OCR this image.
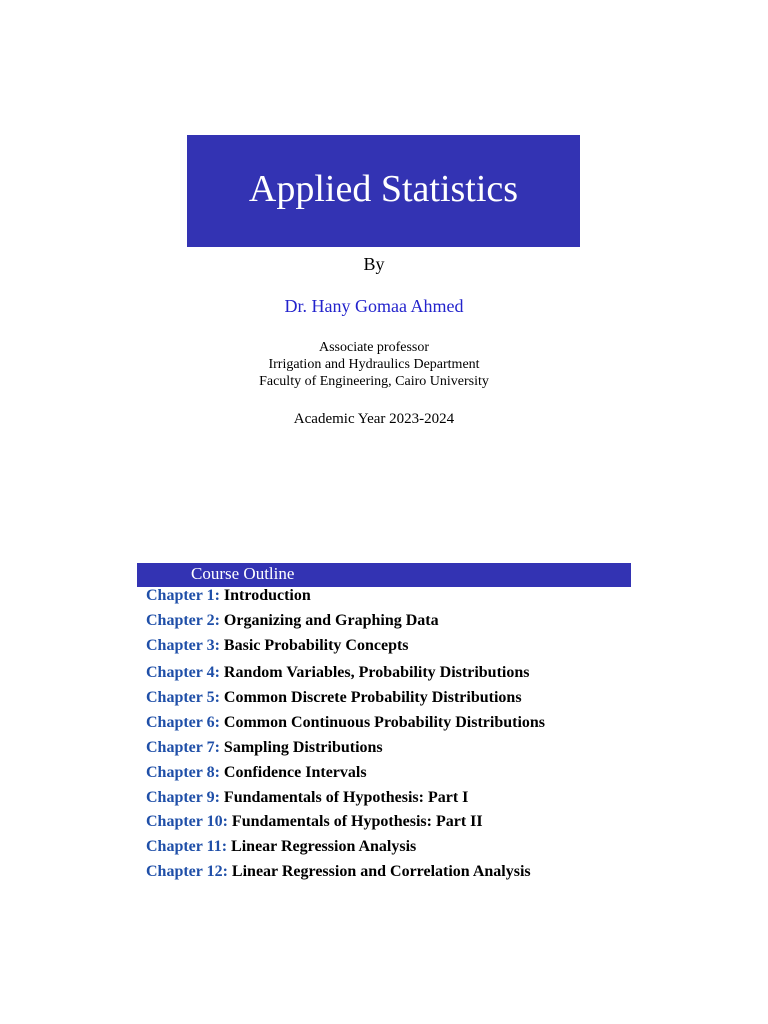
Applied Statistics
By
Dr. Hany Gomaa Ahmed
Associate professor
Irrigation and Hydraulics Department
Faculty of Engineering, Cairo University
Academic Year 2023-2024
Course Outline
Chapter 1: Introduction
Chapter 2: Organizing and Graphing Data
Chapter 3: Basic Probability Concepts
Chapter 4: Random Variables, Probability Distributions
Chapter 5: Common Discrete Probability Distributions
Chapter 6: Common Continuous Probability Distributions
Chapter 7: Sampling Distributions
Chapter 8: Confidence Intervals
Chapter 9: Fundamentals of Hypothesis: Part I
Chapter 10: Fundamentals of Hypothesis: Part II
Chapter 11: Linear Regression Analysis
Chapter 12: Linear Regression and Correlation Analysis
